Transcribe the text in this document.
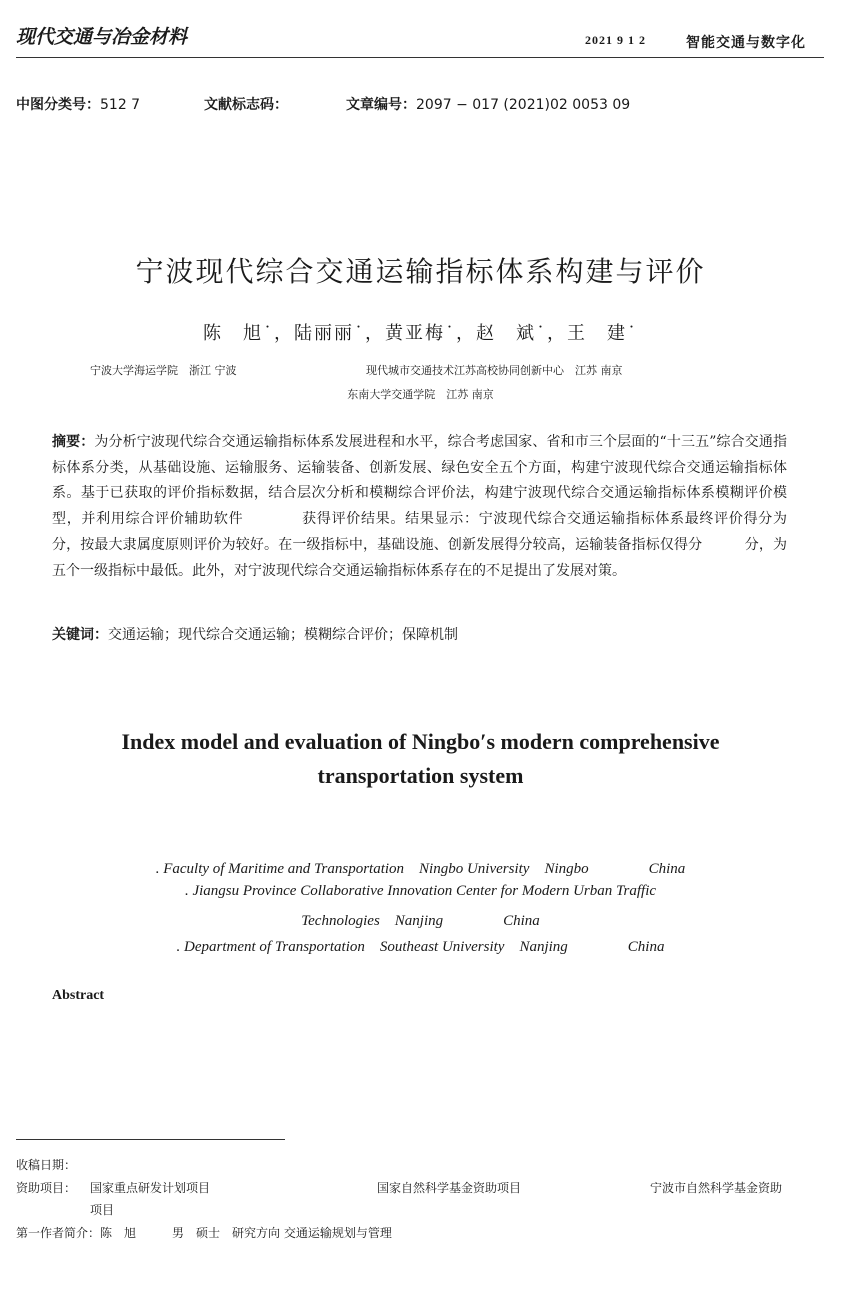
现代交通与冶金材料	2021 9 1 2	智能交通与数字化
中图分类号：512 7	文献标志码：	文章编号：2097 − 017 (2021)02 0053 09
宁波现代综合交通运输指标体系构建与评价
陈　旭˙，陆丽丽˙，黄亚梅˙，赵　斌˙，王　建˙
宁波大学海运学院　浙江 宁波	现代城市交通技术江苏高校协同创新中心　江苏 南京
东南大学交通学院　江苏 南京
摘要：为分析宁波现代综合交通运输指标体系发展进程和水平，综合考虑国家、省和市三个层面的“十三五”综合交通指标体系分类，从基础设施、运输服务、运输装备、创新发展、绿色安全五个方面，构建宁波现代综合交通运输指标体系。基于已获取的评价指标数据，结合层次分析和模糊综合评价法，构建宁波现代综合交通运输指标体系模糊评价模型，并利用综合评价辅助软件　　　　获得评价结果。结果显示：宁波现代综合交通运输指标体系最终评价得分为　　　分，按最大隶属度原则评价为较好。在一级指标中，基础设施、创新发展得分较高，运输装备指标仅得分　　　分，为五个一级指标中最低。此外，对宁波现代综合交通运输指标体系存在的不足提出了发展对策。
关键词：交通运输；现代综合交通运输；模糊综合评价；保障机制
Index model and evaluation of Ningbo′s modern comprehensive
transportation system
. Faculty of Maritime and Transportation　Ningbo University　Ningbo　　　　China
. Jiangsu Province Collaborative Innovation Center for Modern Urban Traffic
Technologies　Nanjing　　　　China
. Department of Transportation　Southeast University　Nanjing　　　　China
Abstract
收稿日期：
资助项目： 国家重点研发计划项目	国家自然科学基金资助项目	宁波市自然科学基金资助
项目
第一作者简介：陈　旭　　　男　硕士　研究方向 交通运输规划与管理
